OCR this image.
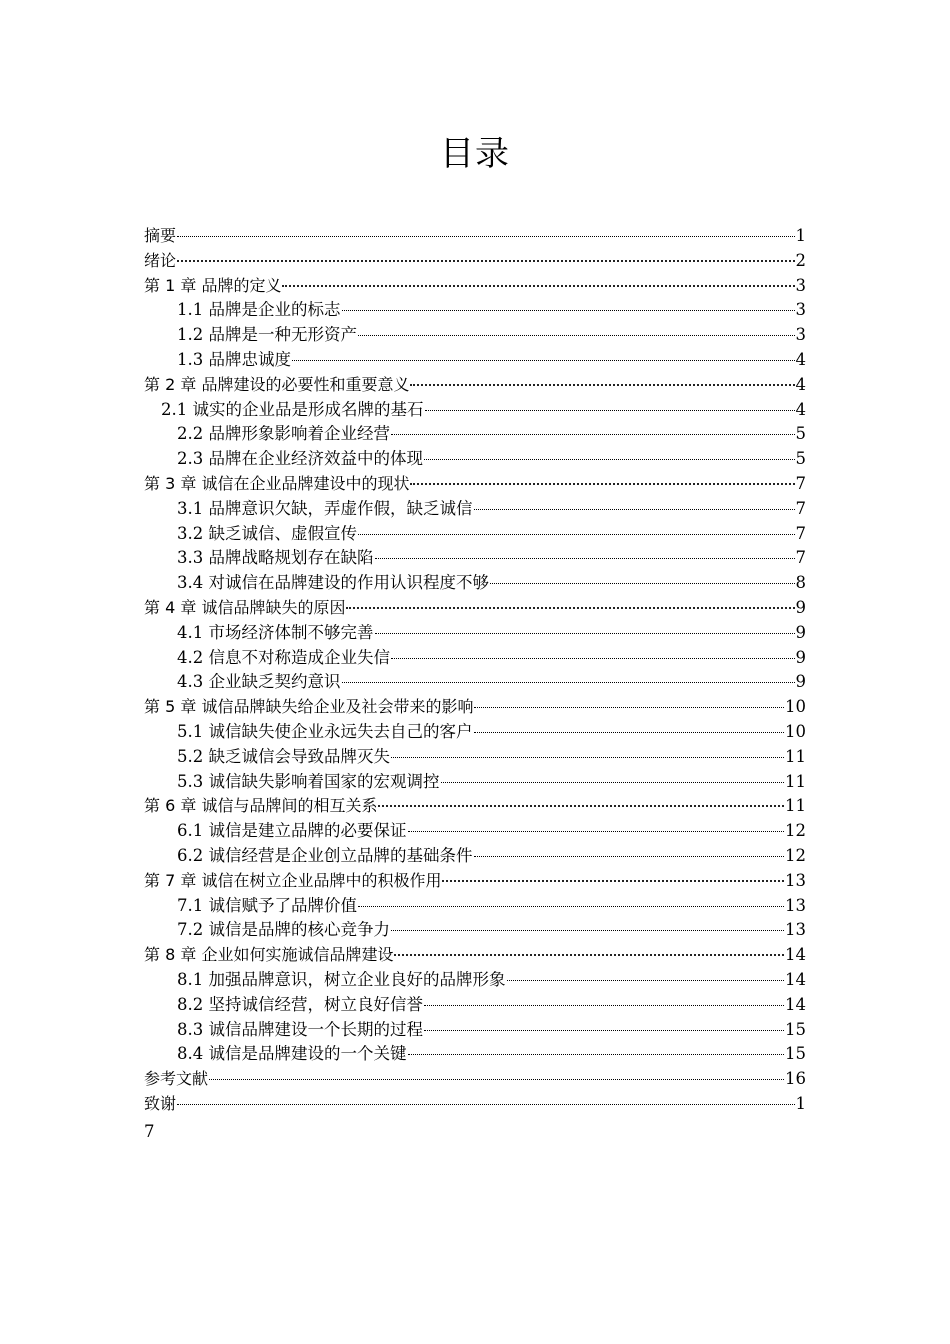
目录
摘要	1
绪论	2
第 1 章 品牌的定义	3
1.1 品牌是企业的标志	3
1.2 品牌是一种无形资产	3
1.3 品牌忠诚度	4
第 2 章 品牌建设的必要性和重要意义	4
2.1 诚实的企业品是形成名牌的基石	4
2.2 品牌形象影响着企业经营	5
2.3 品牌在企业经济效益中的体现	5
第 3 章 诚信在企业品牌建设中的现状	7
3.1 品牌意识欠缺，弄虚作假，缺乏诚信	7
3.2 缺乏诚信、虚假宣传	7
3.3 品牌战略规划存在缺陷	7
3.4 对诚信在品牌建设的作用认识程度不够	8
第 4 章 诚信品牌缺失的原因	9
4.1 市场经济体制不够完善	9
4.2 信息不对称造成企业失信	9
4.3 企业缺乏契约意识	9
第 5 章 诚信品牌缺失给企业及社会带来的影响	10
5.1 诚信缺失使企业永远失去自己的客户	10
5.2 缺乏诚信会导致品牌灭失	11
5.3 诚信缺失影响着国家的宏观调控	11
第 6 章 诚信与品牌间的相互关系	11
6.1 诚信是建立品牌的必要保证	12
6.2 诚信经营是企业创立品牌的基础条件	12
第 7 章 诚信在树立企业品牌中的积极作用	13
7.1 诚信赋予了品牌价值	13
7.2 诚信是品牌的核心竞争力	13
第 8 章 企业如何实施诚信品牌建设	14
8.1 加强品牌意识，树立企业良好的品牌形象	14
8.2 坚持诚信经营，树立良好信誉	14
8.3 诚信品牌建设一个长期的过程	15
8.4 诚信是品牌建设的一个关键	15
参考文献	16
致谢	1
7
